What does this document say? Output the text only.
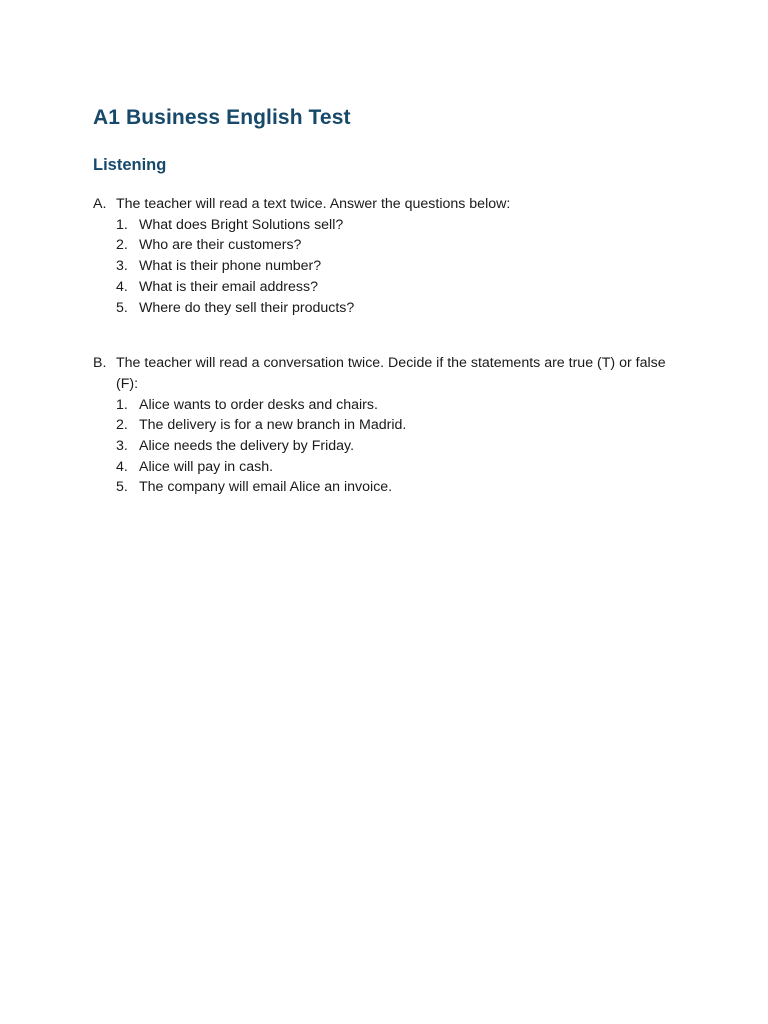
A1 Business English Test
Listening
A. The teacher will read a text twice. Answer the questions below:
1. What does Bright Solutions sell?
2. Who are their customers?
3. What is their phone number?
4. What is their email address?
5. Where do they sell their products?
B. The teacher will read a conversation twice. Decide if the statements are true (T) or false (F):
1. Alice wants to order desks and chairs.
2. The delivery is for a new branch in Madrid.
3. Alice needs the delivery by Friday.
4. Alice will pay in cash.
5. The company will email Alice an invoice.
